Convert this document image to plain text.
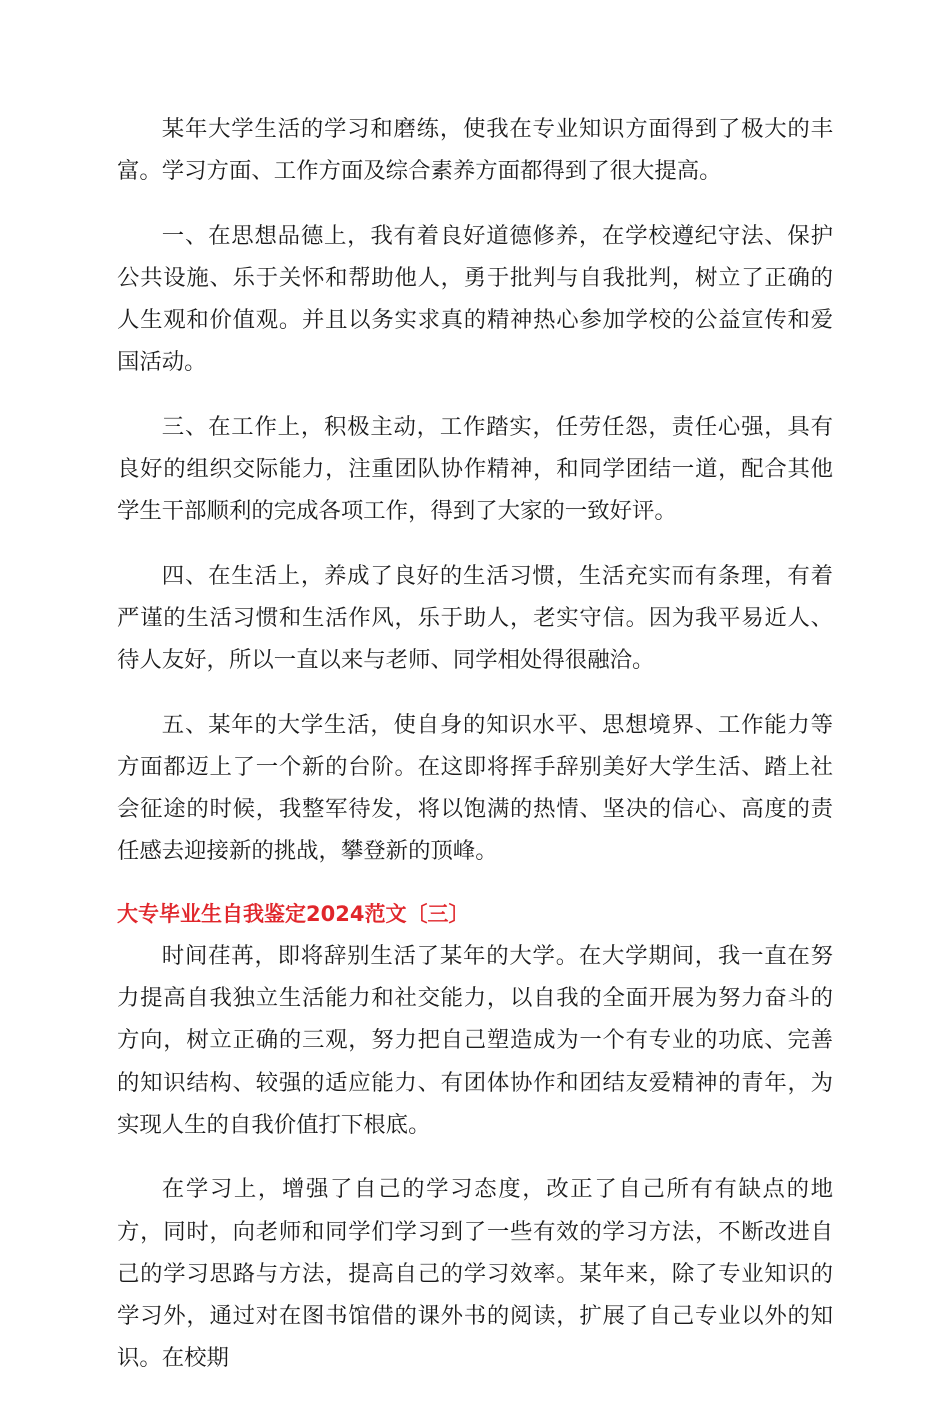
某年大学生活的学习和磨练，使我在专业知识方面得到了极大的丰富。学习方面、工作方面及综合素养方面都得到了很大提高。

一、在思想品德上，我有着良好道德修养，在学校遵纪守法、保护公共设施、乐于关怀和帮助他人，勇于批判与自我批判，树立了正确的人生观和价值观。并且以务实求真的精神热心参加学校的公益宣传和爱国活动。

三、在工作上，积极主动，工作踏实，任劳任怨，责任心强，具有良好的组织交际能力，注重团队协作精神，和同学团结一道，配合其他学生干部顺利的完成各项工作，得到了大家的一致好评。

四、在生活上，养成了良好的生活习惯，生活充实而有条理，有着严谨的生活习惯和生活作风，乐于助人，老实守信。因为我平易近人、待人友好，所以一直以来与老师、同学相处得很融洽。

五、某年的大学生活，使自身的知识水平、思想境界、工作能力等方面都迈上了一个新的台阶。在这即将挥手辞别美好大学生活、踏上社会征途的时候，我整军待发，将以饱满的热情、坚决的信心、高度的责任感去迎接新的挑战，攀登新的顶峰。

大专毕业生自我鉴定2024范文〔三〕

时间荏苒，即将辞别生活了某年的大学。在大学期间，我一直在努力提高自我独立生活能力和社交能力，以自我的全面开展为努力奋斗的方向，树立正确的三观，努力把自己塑造成为一个有专业的功底、完善的知识结构、较强的适应能力、有团体协作和团结友爱精神的青年，为实现人生的自我价值打下根底。

在学习上，增强了自己的学习态度，改正了自己所有有缺点的地方，同时，向老师和同学们学习到了一些有效的学习方法，不断改进自己的学习思路与方法，提高自己的学习效率。某年来，除了专业知识的学习外，通过对在图书馆借的课外书的阅读，扩展了自己专业以外的知识。在校期
